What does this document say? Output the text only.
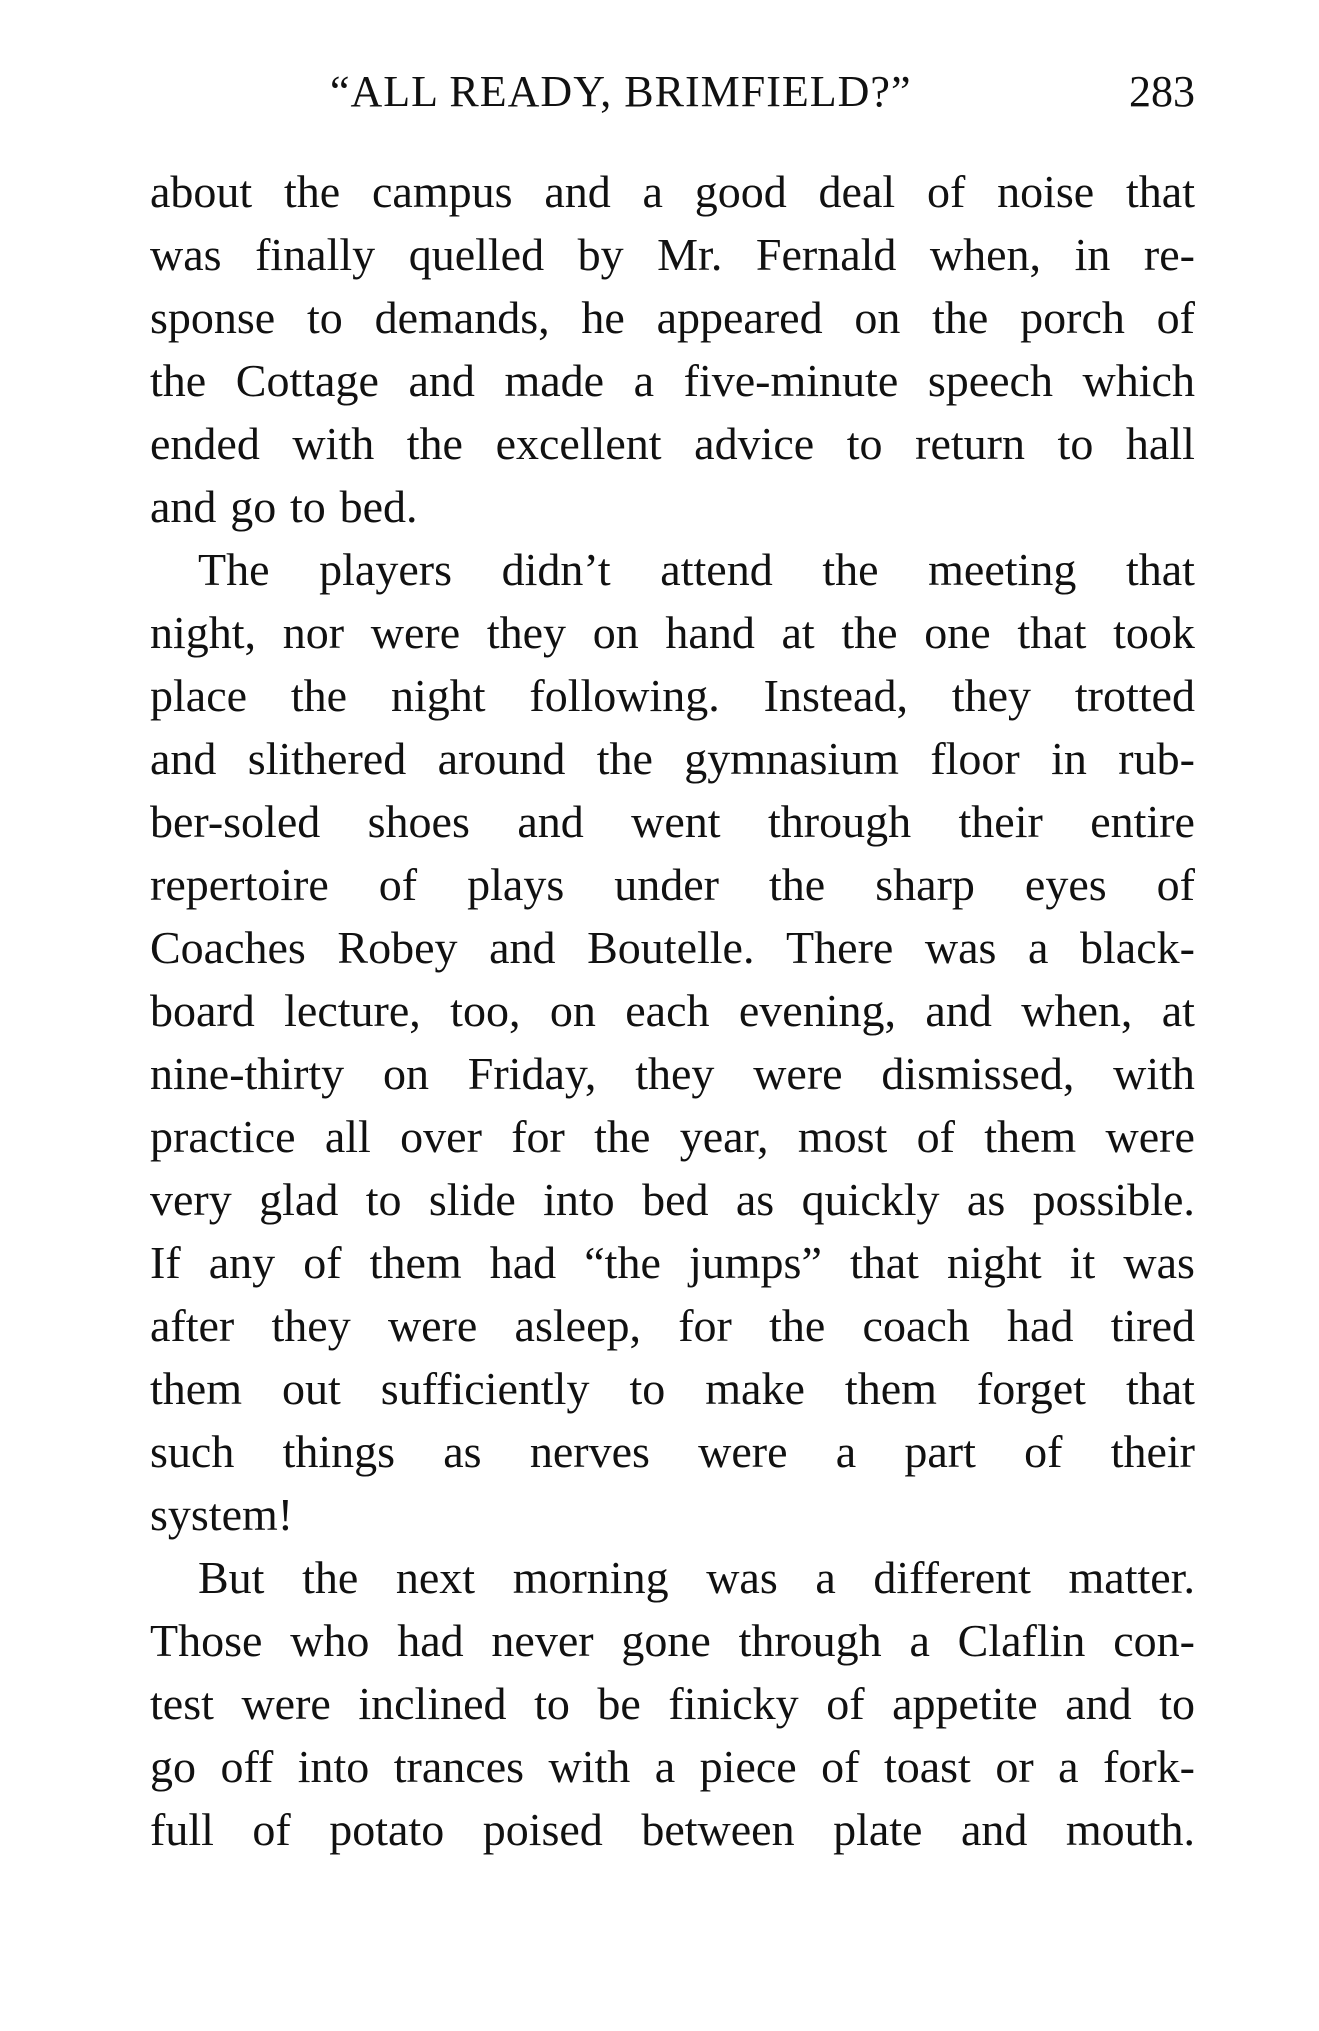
“ALL READY, BRIMFIELD?”	283
about the campus and a good deal of noise that
was finally quelled by Mr. Fernald when, in re-
sponse to demands, he appeared on the porch of
the Cottage and made a five-minute speech which
ended with the excellent advice to return to hall
and go to bed.
The players didn’t attend the meeting that
night, nor were they on hand at the one that took
place the night following. Instead, they trotted
and slithered around the gymnasium floor in rub-
ber-soled shoes and went through their entire
repertoire of plays under the sharp eyes of
Coaches Robey and Boutelle. There was a black-
board lecture, too, on each evening, and when, at
nine-thirty on Friday, they were dismissed, with
practice all over for the year, most of them were
very glad to slide into bed as quickly as possible.
If any of them had “the jumps” that night it was
after they were asleep, for the coach had tired
them out sufficiently to make them forget that
such things as nerves were a part of their
system!
But the next morning was a different matter.
Those who had never gone through a Claflin con-
test were inclined to be finicky of appetite and to
go off into trances with a piece of toast or a fork-
full of potato poised between plate and mouth.
